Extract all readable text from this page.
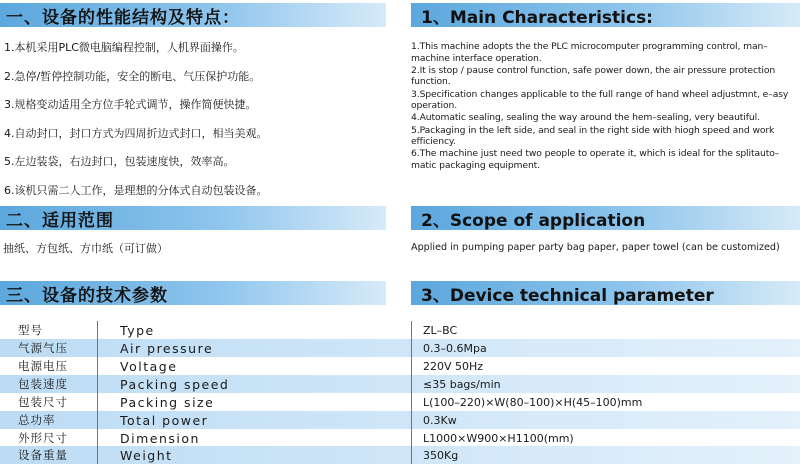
一、设备的性能结构及特点：	1、Main Characteristics:
1.本机采用PLC微电脑编程控制，人机界面操作。
2.急停/暂停控制功能，安全的断电、气压保护功能。
3.规格变动适用全方位手轮式调节，操作简便快捷。
4.自动封口，封口方式为四周折边式封口，相当美观。
5.左边装袋，右边封口，包装速度快，效率高。
6.该机只需二人工作，是理想的分体式自动包装设备。
1.This machine adopts the the PLC microcomputer programming control, man–machine interface operation.
2.It is stop / pause control function, safe power down, the air pressure protection function.
3.Specification changes applicable to the full range of hand wheel adjustmnt, e–asy operation.
4.Automatic sealing, sealing the way around the hem–sealing, very beautiful.
5.Packaging in the left side, and seal in the right side with hiogh speed and work efficiency.
6.The machine just need two people to operate it, which is ideal for the splitauto–matic packaging equipment.
二、适用范围	2、Scope of application
抽纸、方包纸、方巾纸（可订做）	Applied in pumping paper party bag paper, paper towel (can be customized)
三、设备的技术参数	3、Device technical parameter
型号	Type	ZL–BC
气源气压	Air pressure	0.3–0.6Mpa
电源电压	Voltage	220V 50Hz
包装速度	Packing speed	≤35 bags/min
包装尺寸	Packing size	L(100–220)×W(80–100)×H(45–100)mm
总功率	Total power	0.3Kw
外形尺寸	Dimension	L1000×W900×H1100(mm)
设备重量	Weight	350Kg
